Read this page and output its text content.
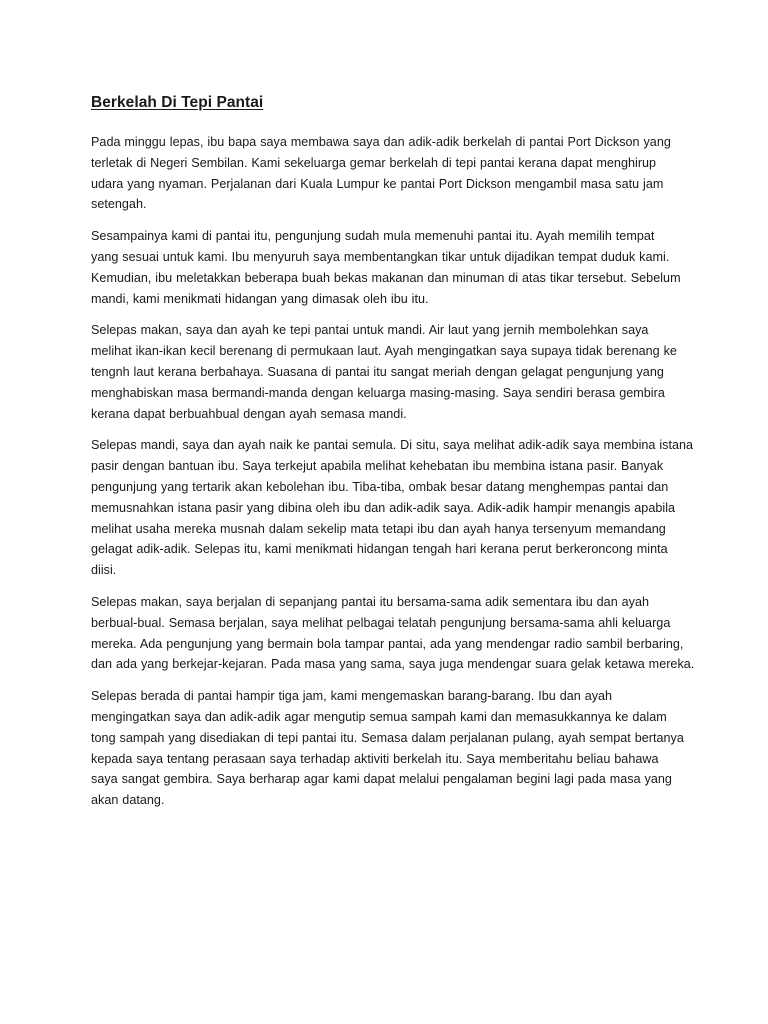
Berkelah Di Tepi Pantai

Pada minggu lepas, ibu bapa saya membawa saya dan adik-adik berkelah di pantai Port Dickson yang
terletak di Negeri Sembilan. Kami sekeluarga gemar berkelah di tepi pantai kerana dapat menghirup
udara yang nyaman. Perjalanan dari Kuala Lumpur ke pantai Port Dickson mengambil masa satu jam
setengah.

Sesampainya kami di pantai itu, pengunjung sudah mula memenuhi pantai itu. Ayah memilih tempat
yang sesuai untuk kami. Ibu menyuruh saya membentangkan tikar untuk dijadikan tempat duduk kami.
Kemudian, ibu meletakkan beberapa buah bekas makanan dan minuman di atas tikar tersebut. Sebelum
mandi, kami menikmati hidangan yang dimasak oleh ibu itu.

Selepas makan, saya dan ayah ke tepi pantai untuk mandi. Air laut yang jernih membolehkan saya
melihat ikan-ikan kecil berenang di permukaan laut. Ayah mengingatkan saya supaya tidak berenang ke
tengnh laut kerana berbahaya. Suasana di pantai itu sangat meriah dengan gelagat pengunjung yang
menghabiskan masa bermandi-manda dengan keluarga masing-masing. Saya sendiri berasa gembira
kerana dapat berbuahbual dengan ayah semasa mandi.

Selepas mandi, saya dan ayah naik ke pantai semula. Di situ, saya melihat adik-adik saya membina istana
pasir dengan bantuan ibu. Saya terkejut apabila melihat kehebatan ibu membina istana pasir. Banyak
pengunjung yang tertarik akan kebolehan ibu. Tiba-tiba, ombak besar datang menghempas pantai dan
memusnahkan istana pasir yang dibina oleh ibu dan adik-adik saya. Adik-adik hampir menangis apabila
melihat usaha mereka musnah dalam sekelip mata tetapi ibu dan ayah hanya tersenyum memandang
gelagat adik-adik. Selepas itu, kami menikmati hidangan tengah hari kerana perut berkeroncong minta
diisi.

Selepas makan, saya berjalan di sepanjang pantai itu bersama-sama adik sementara ibu dan ayah
berbual-bual. Semasa berjalan, saya melihat pelbagai telatah pengunjung bersama-sama ahli keluarga
mereka. Ada pengunjung yang bermain bola tampar pantai, ada yang mendengar radio sambil berbaring,
dan ada yang berkejar-kejaran. Pada masa yang sama, saya juga mendengar suara gelak ketawa mereka.

Selepas berada di pantai hampir tiga jam, kami mengemaskan barang-barang. Ibu dan ayah
mengingatkan saya dan adik-adik agar mengutip semua sampah kami dan memasukkannya ke dalam
tong sampah yang disediakan di tepi pantai itu. Semasa dalam perjalanan pulang, ayah sempat bertanya
kepada saya tentang perasaan saya terhadap aktiviti berkelah itu. Saya memberitahu beliau bahawa
saya sangat gembira. Saya berharap agar kami dapat melalui pengalaman begini lagi pada masa yang
akan datang.
